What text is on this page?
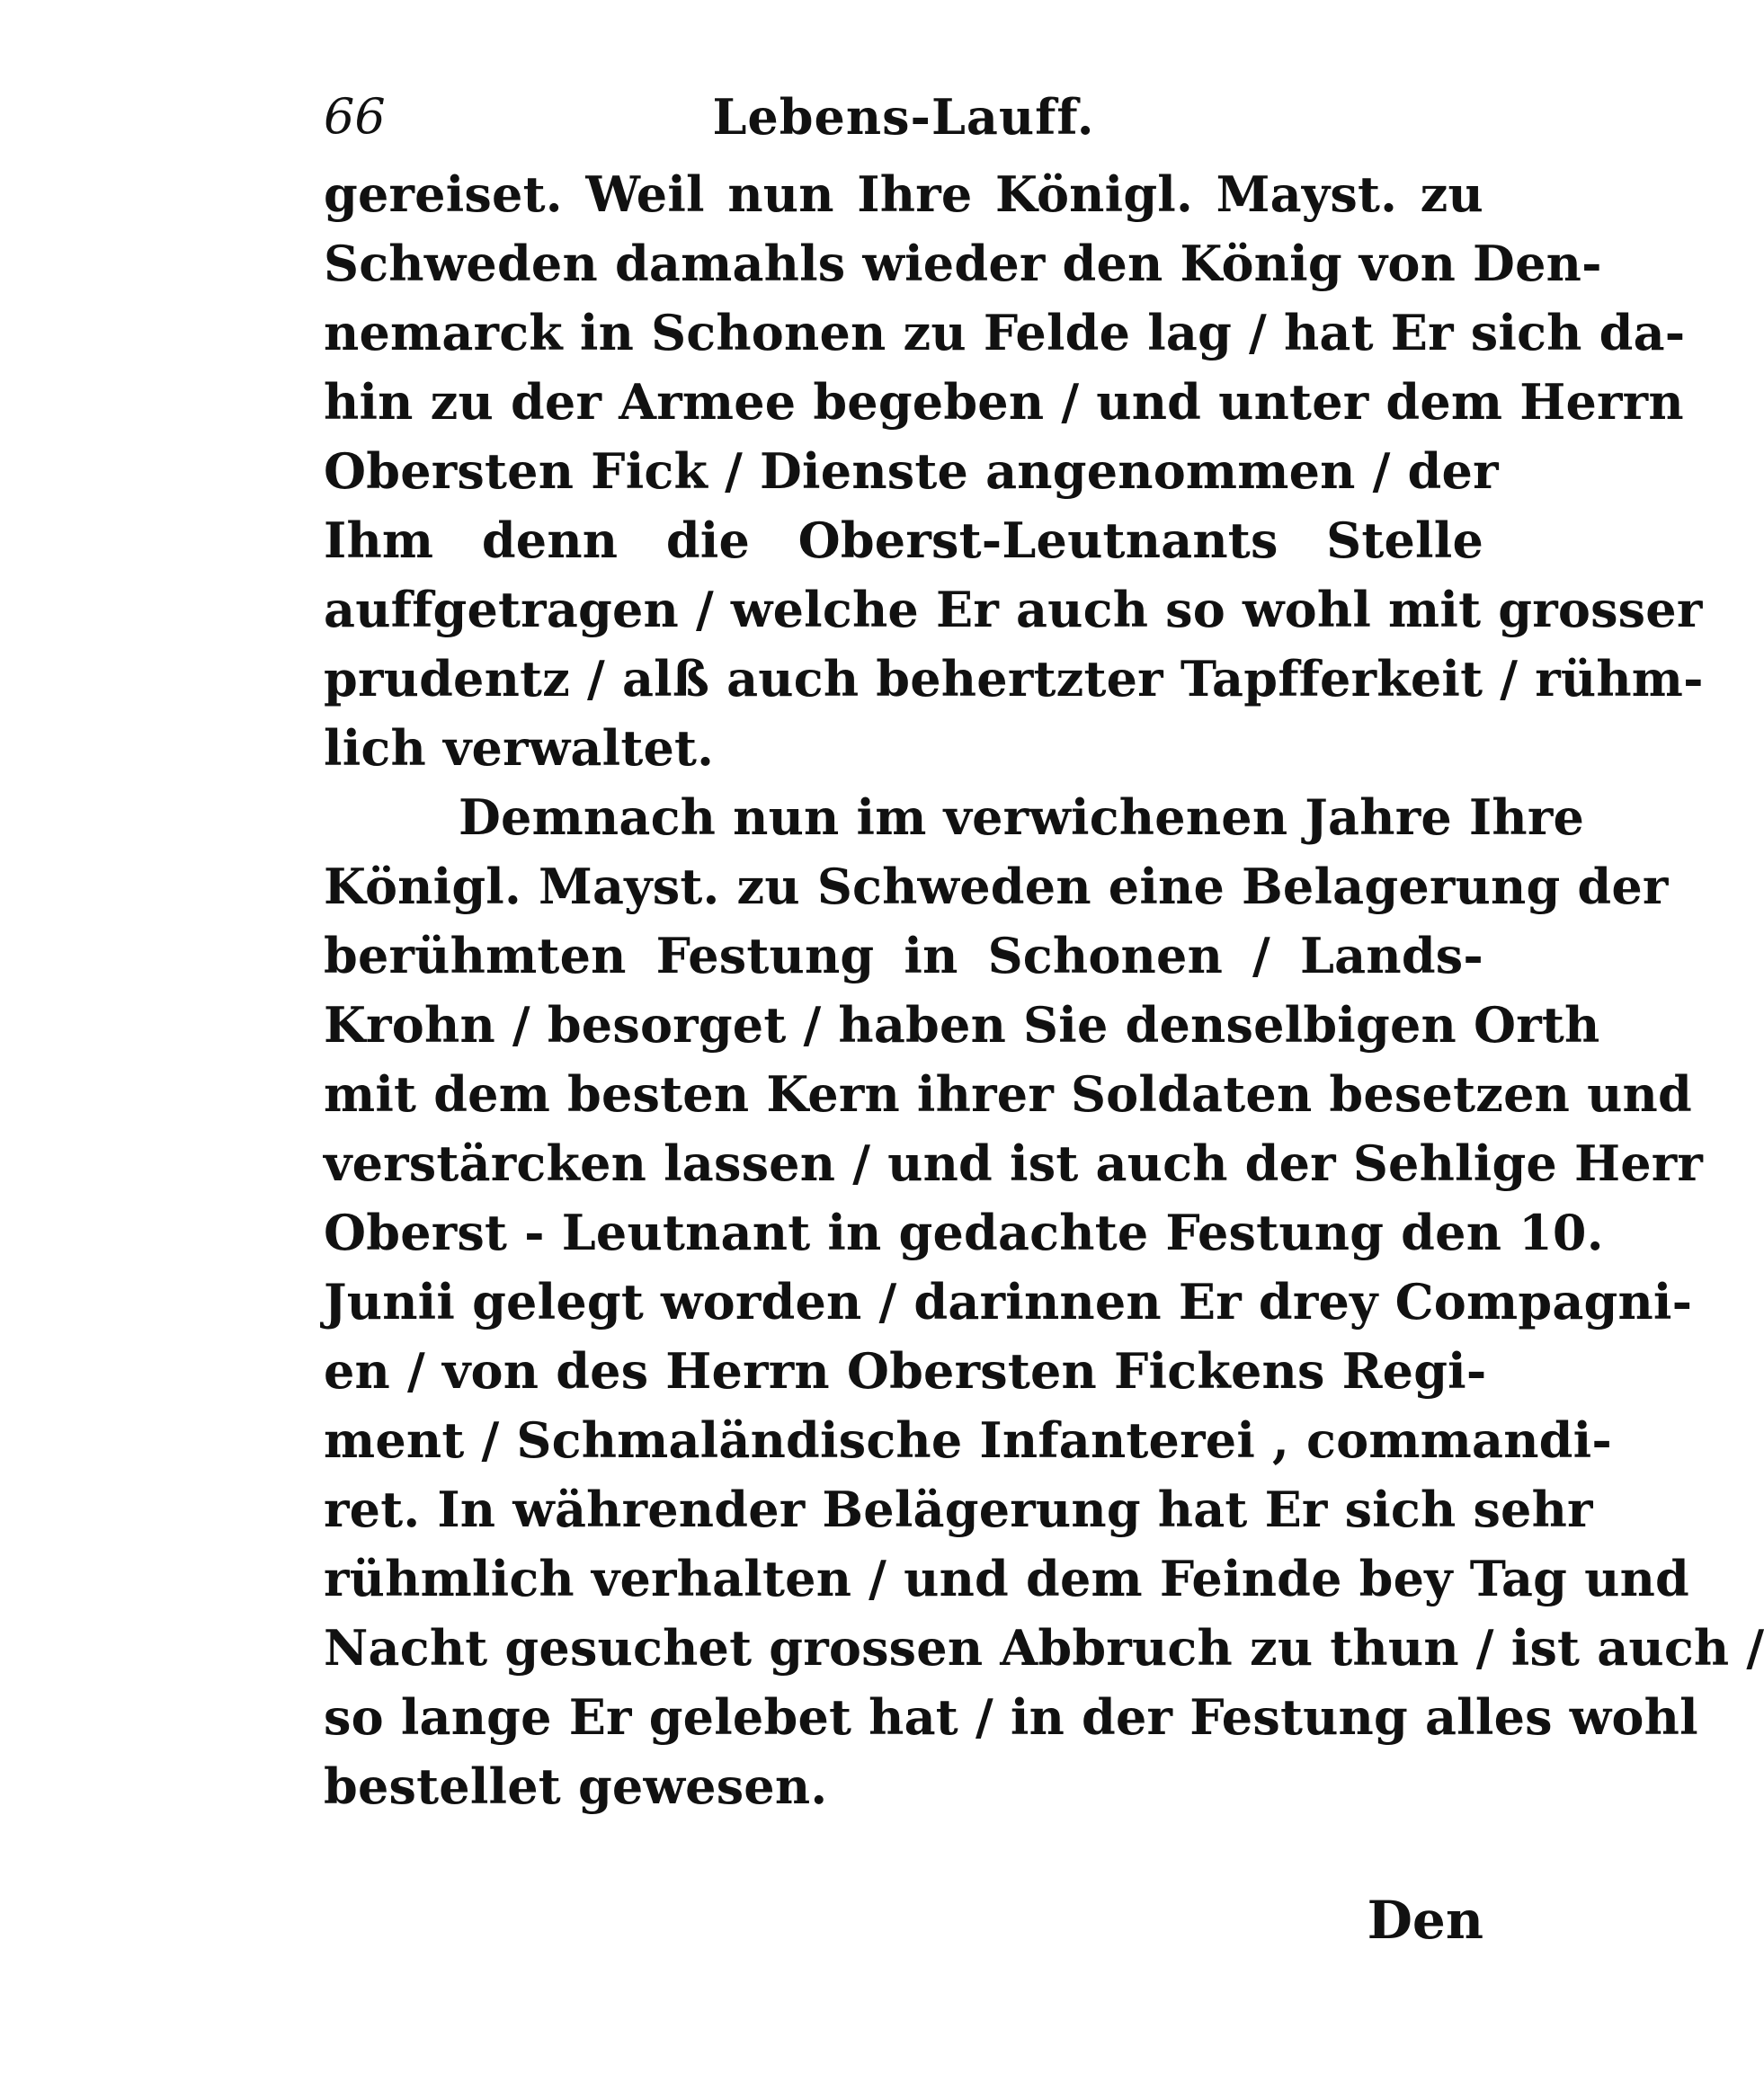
66	Lebens-Lauff.
gereiset. Weil nun Ihre Königl. Mayst. zu
Schweden damahls wieder den König von Den-
nemarck in Schonen zu Felde lag / hat Er sich da-
hin zu der Armee begeben / und unter dem Herrn
Obersten Fick / Dienste angenommen / der
Ihm denn die Oberst-Leutnants Stelle
auffgetragen / welche Er auch so wohl mit grosser
prudentz / alß auch behertzter Tapfferkeit / rühm-
lich verwaltet.
Demnach nun im verwichenen Jahre Ihre
Königl. Mayst. zu Schweden eine Belagerung der
berühmten Festung in Schonen / Lands-
Krohn / besorget / haben Sie denselbigen Orth
mit dem besten Kern ihrer Soldaten besetzen und
verstärcken lassen / und ist auch der Sehlige Herr
Oberst - Leutnant in gedachte Festung den 10.
Junii gelegt worden / darinnen Er drey Compagni-
en / von des Herrn Obersten Fickens Regi-
ment / Schmaländische Infanterei , commandi-
ret. In währender Belägerung hat Er sich sehr
rühmlich verhalten / und dem Feinde bey Tag und
Nacht gesuchet grossen Abbruch zu thun / ist auch /
so lange Er gelebet hat / in der Festung alles wohl
bestellet gewesen.
Den
